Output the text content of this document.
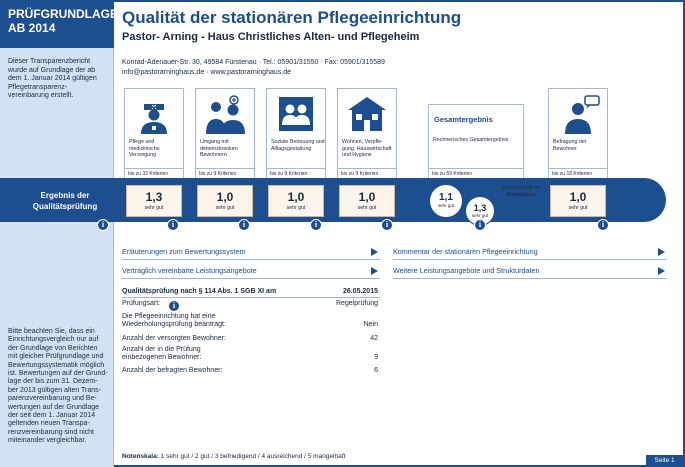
PRÜFGRUNDLAGE
AB 2014
Dieser Transparenzbericht wurde auf Grundlage der ab dem 1. Januar 2014 gültigen Pflegetransparenz- vereinbarung erstellt.
Bitte beachten Sie, dass ein Einrichtungsvergleich nur auf der Grundlage von Berichten mit gleicher Prüfgrundlage und Bewertungssystematik möglich ist. Bewertungen auf der Grund- lage der bis zum 31. Dezem- ber 2013 gültigen alten Trans- parenzvereinbarung und Be- wertungen auf der Grundlage der seit dem 1. Januar 2014 geltenden neuen Transpa- renzvereinbarung sind nicht miteinander vergleichbar.
Qualität der stationären Pflegeeinrichtung
Pastor- Arning - Haus Christliches Alten- und Pflegeheim
Konrad-Adenauer-Str. 30, 49584 Fürstenau · Tel.: 05901/31550 · Fax: 05901/315589
info@pastorarninghaus.de · www.pastorarninghaus.de
Pflege und medizinische Versorgung
bis zu 32 Kriterien
Umgang mit demenzkranken Bewohnern
bis zu 9 Kriterien
Soziale Betreuung und Alltagsgestaltung
bis zu 9 Kriterien
Wohnen, Verpfle- gung, Hauswirtschaft und Hygiene
bis zu 9 Kriterien
Gesamtergebnis
Rechnerisches Gesamtergebnis
bis zu 59 Kriterien
Befragung der Bewohner
bis zu 18 Kriterien
Ergebnis der Qualitätsprüfung
1,3
sehr gut
1,0
sehr gut
1,0
sehr gut
1,0
sehr gut
1,1
sehr gut	1,3
sehr gut
Durchschnitt im Bundesland	1,0
sehr gut
i	i	i	i	i	i	i
Erläuterungen zum Bewertungssystem	Kommentar der stationären Pflegeeinrichtung
Vertraglich vereinbarte Leistungsangebote	Weitere Leistungsangebote und Strukturdaten
Qualitätsprüfung nach § 114 Abs. 1 SGB XI am	26.05.2015
Prüfungsart:	i	Regelprüfung
Die Pflegeeinrichtung hat eine
Wiederholungsprüfung beantragt:	Nein
Anzahl der versorgten Bewohner:	42
Anzahl der in die Prüfung
einbezogenen Bewohner:	9
Anzahl der befragten Bewohner:	6
Notenskala: 1 sehr gut / 2 gut / 3 befriedigend / 4 ausreichend / 5 mangelhaft
Seite 1
